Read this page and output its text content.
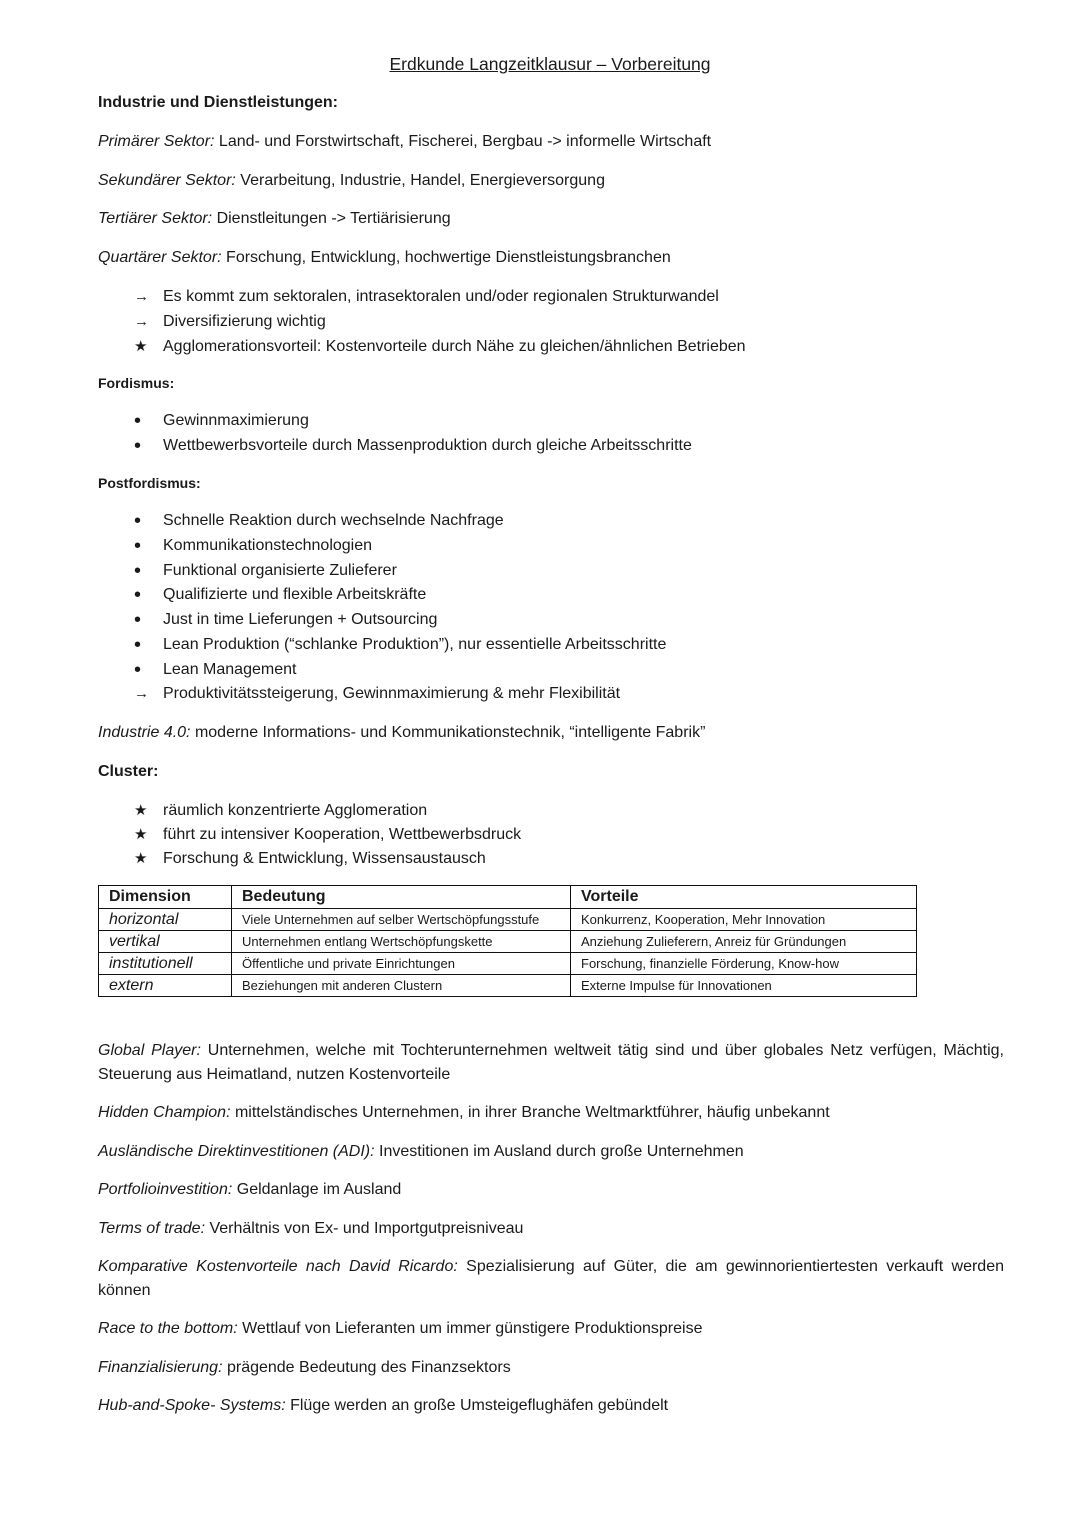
Erdkunde Langzeitklausur – Vorbereitung
Industrie und Dienstleistungen:
Primärer Sektor: Land- und Forstwirtschaft, Fischerei, Bergbau -> informelle Wirtschaft
Sekundärer Sektor: Verarbeitung, Industrie, Handel, Energieversorgung
Tertiärer Sektor: Dienstleitungen -> Tertiärisierung
Quartärer Sektor: Forschung, Entwicklung, hochwertige Dienstleistungsbranchen
→ Es kommt zum sektoralen, intrasektoralen und/oder regionalen Strukturwandel
→ Diversifizierung wichtig
★ Agglomerationsvorteil: Kostenvorteile durch Nähe zu gleichen/ähnlichen Betrieben
Fordismus:
• Gewinnmaximierung
• Wettbewerbsvorteile durch Massenproduktion durch gleiche Arbeitsschritte
Postfordismus:
• Schnelle Reaktion durch wechselnde Nachfrage
• Kommunikationstechnologien
• Funktional organisierte Zulieferer
• Qualifizierte und flexible Arbeitskräfte
• Just in time Lieferungen + Outsourcing
• Lean Produktion (“schlanke Produktion”), nur essentielle Arbeitsschritte
• Lean Management
→ Produktivitätssteigerung, Gewinnmaximierung & mehr Flexibilität
Industrie 4.0: moderne Informations- und Kommunikationstechnik, “intelligente Fabrik”
Cluster:
★ räumlich konzentrierte Agglomeration
★ führt zu intensiver Kooperation, Wettbewerbsdruck
★ Forschung & Entwicklung, Wissensaustausch
Dimension	Bedeutung	Vorteile
horizontal	Viele Unternehmen auf selber Wertschöpfungsstufe	Konkurrenz, Kooperation, Mehr Innovation
vertikal	Unternehmen entlang Wertschöpfungskette	Anziehung Zulieferern, Anreiz für Gründungen
institutionell	Öffentliche und private Einrichtungen	Forschung, finanzielle Förderung, Know-how
extern	Beziehungen mit anderen Clustern	Externe Impulse für Innovationen
Global Player: Unternehmen, welche mit Tochterunternehmen weltweit tätig sind und über globales Netz verfügen, Mächtig, Steuerung aus Heimatland, nutzen Kostenvorteile
Hidden Champion: mittelständisches Unternehmen, in ihrer Branche Weltmarktführer, häufig unbekannt
Ausländische Direktinvestitionen (ADI): Investitionen im Ausland durch große Unternehmen
Portfolioinvestition: Geldanlage im Ausland
Terms of trade: Verhältnis von Ex- und Importgutpreisniveau
Komparative Kostenvorteile nach David Ricardo: Spezialisierung auf Güter, die am gewinnorientiertesten verkauft werden können
Race to the bottom: Wettlauf von Lieferanten um immer günstigere Produktionspreise
Finanzialisierung: prägende Bedeutung des Finanzsektors
Hub-and-Spoke- Systems: Flüge werden an große Umsteigeflughäfen gebündelt
